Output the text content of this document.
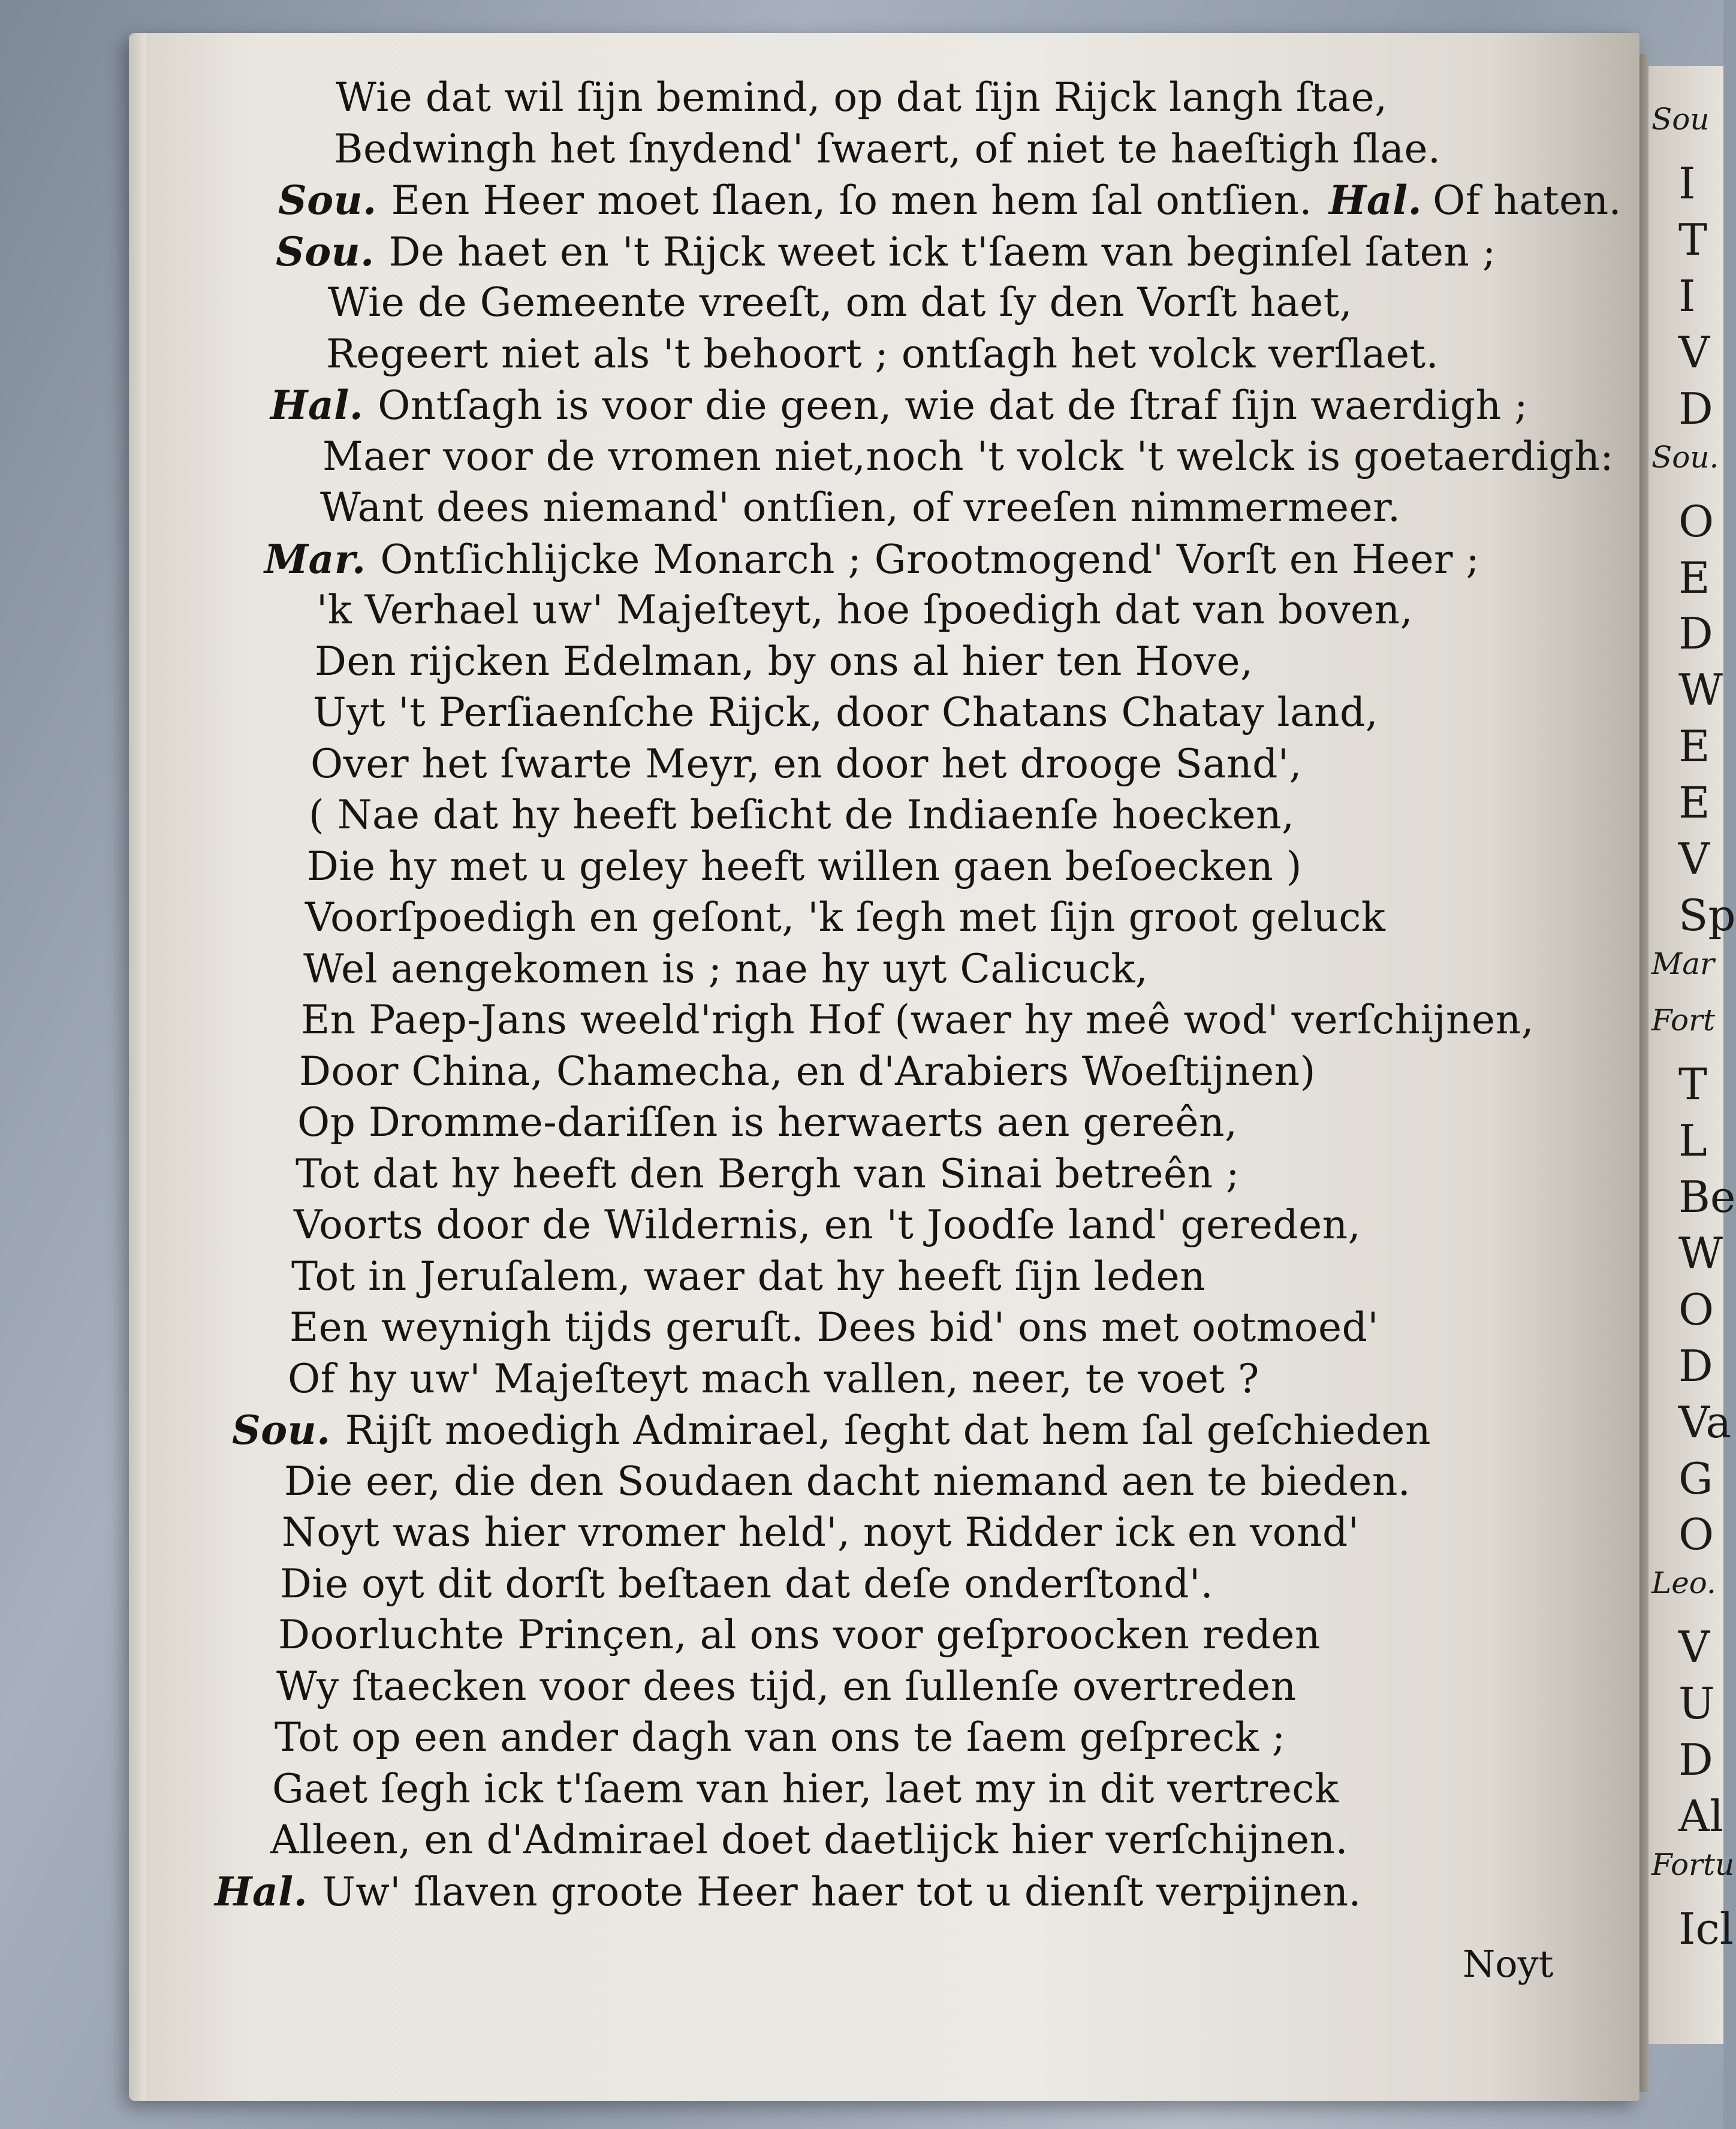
Wie dat wil ſijn bemind, op dat ſijn Rijck langh ſtae,
Bedwingh het ſnydend' ſwaert, of niet te haeſtigh ſlae.
Sou. Een Heer moet ſlaen, ſo men hem ſal ontſien. Hal. Of haten.
Sou. De haet en 't Rijck weet ick t'ſaem van beginſel ſaten ;
Wie de Gemeente vreeſt, om dat ſy den Vorſt haet,
Regeert niet als 't behoort ; ontſagh het volck verſlaet.
Hal. Ontſagh is voor die geen, wie dat de ſtraf ſijn waerdigh ;
Maer voor de vromen niet,noch 't volck 't welck is goetaerdigh:
Want dees niemand' ontſien, of vreeſen nimmermeer.
Mar. Ontſichlijcke Monarch ; Grootmogend' Vorſt en Heer ;
'k Verhael uw' Majeſteyt, hoe ſpoedigh dat van boven,
Den rijcken Edelman, by ons al hier ten Hove,
Uyt 't Perſiaenſche Rijck, door Chatans Chatay land,
Over het ſwarte Meyr, en door het drooge Sand',
( Nae dat hy heeft beſicht de Indiaenſe hoecken,
Die hy met u geley heeft willen gaen beſoecken )
Voorſpoedigh en geſont, 'k ſegh met ſijn groot geluck
Wel aengekomen is ; nae hy uyt Calicuck,
En Paep-Jans weeld'righ Hof (waer hy meê wod' verſchijnen,
Door China, Chamecha, en d'Arabiers Woeſtijnen)
Op Dromme-dariſſen is herwaerts aen gereên,
Tot dat hy heeft den Bergh van Sinai betreên ;
Voorts door de Wildernis, en 't Joodſe land' gereden,
Tot in Jeruſalem, waer dat hy heeft ſijn leden
Een weynigh tijds geruſt. Dees bid' ons met ootmoed'
Of hy uw' Majeſteyt mach vallen, neer, te voet ?
Sou. Rijſt moedigh Admirael, ſeght dat hem ſal geſchieden
Die eer, die den Soudaen dacht niemand aen te bieden.
Noyt was hier vromer held', noyt Ridder ick en vond'
Die oyt dit dorſt beſtaen dat deſe onderſtond'.
Doorluchte Prinçen, al ons voor geſproocken reden
Wy ſtaecken voor dees tijd, en ſullenſe overtreden
Tot op een ander dagh van ons te ſaem geſpreck ;
Gaet ſegh ick t'ſaem van hier, laet my in dit vertreck
Alleen, en d'Admirael doet daetlijck hier verſchijnen.
Hal. Uw' ſlaven groote Heer haer tot u dienſt verpijnen.
Noyt
Sou
I
T
I
V
D
Sou.
O
E
D
W
E
E
V
Sp
Mar
Fort
T
L
Be
W
O
D
Va
G
O
Leo.
V
U
D
Al
Fortu
Icl
